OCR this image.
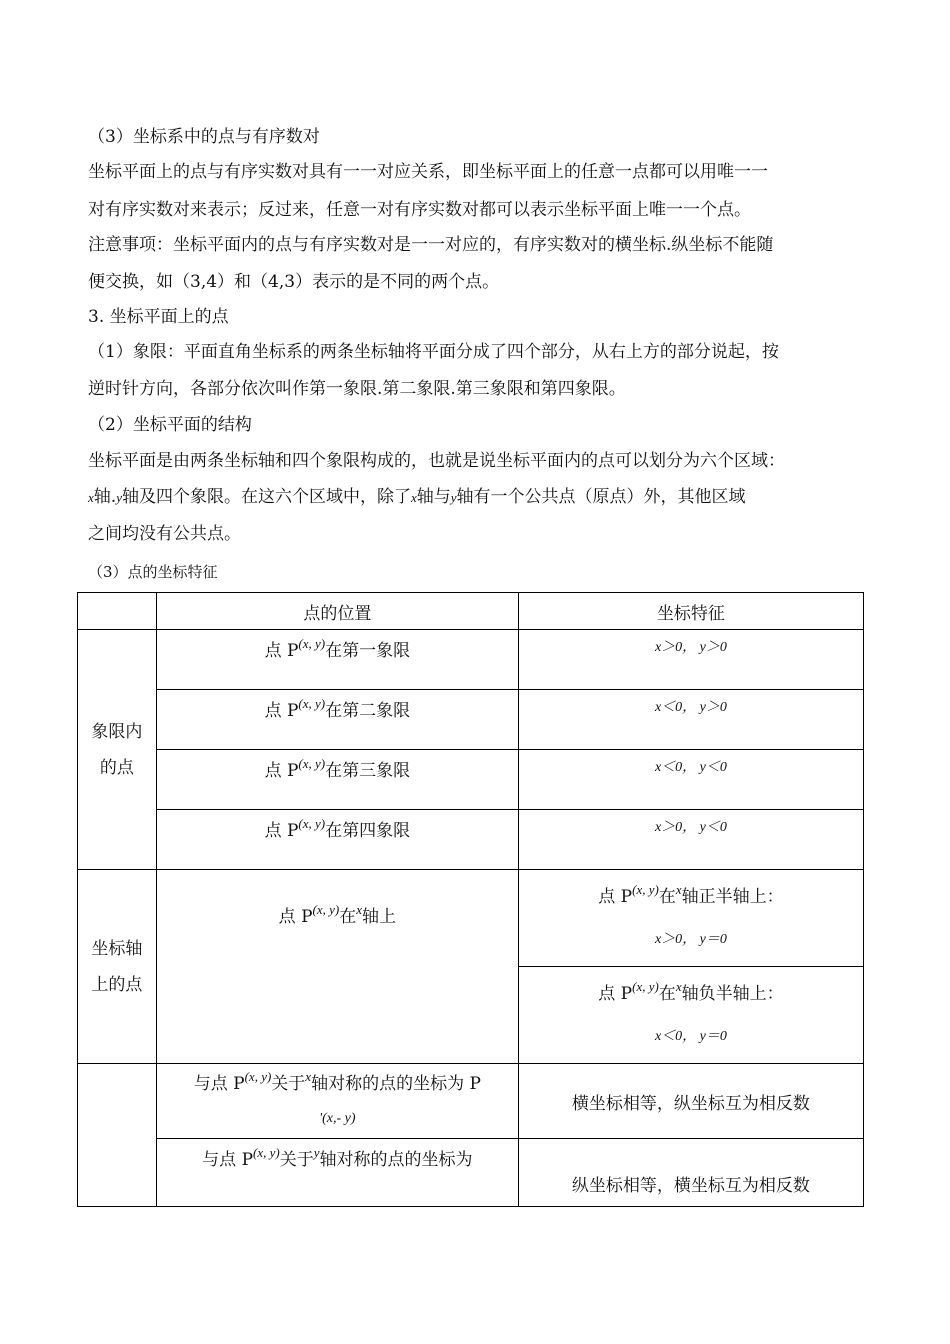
（3）坐标系中的点与有序数对
坐标平面上的点与有序实数对具有一一对应关系，即坐标平面上的任意一点都可以用唯一一
对有序实数对来表示；反过来，任意一对有序实数对都可以表示坐标平面上唯一一个点。
注意事项：坐标平面内的点与有序实数对是一一对应的，有序实数对的横坐标.纵坐标不能随
便交换，如（3,4）和（4,3）表示的是不同的两个点。
3. 坐标平面上的点
（1）象限：平面直角坐标系的两条坐标轴将平面分成了四个部分，从右上方的部分说起，按
逆时针方向，各部分依次叫作第一象限.第二象限.第三象限和第四象限。
（2）坐标平面的结构
坐标平面是由两条坐标轴和四个象限构成的，也就是说坐标平面内的点可以划分为六个区域：
x轴.y轴及四个象限。在这六个区域中，除了x轴与y轴有一个公共点（原点）外，其他区域
之间均没有公共点。
（3）点的坐标特征
	点的位置	坐标特征

象限内
的点	点 P$^{(x, y)}$在第一象限	x＞0， y＞0
	点 P$^{(x, y)}$在第二象限	x＜0， y＞0
	点 P$^{(x, y)}$在第三象限	x＜0， y＜0
	点 P$^{(x, y)}$在第四象限	x＞0， y＜0

坐标轴
上的点	点 P$^{(x, y)}$在$^x$轴上	点 P$^{(x, y)}$在$^x$轴正半轴上：
x＞0， y＝0

		点 P$^{(x, y)}$在$^x$轴负半轴上：
x＜0， y＝0

	与点 P$^{(x, y)}$关于$^x$轴对称的点的坐标为 P
'(x,- y)	横坐标相等，纵坐标互为相反数
	与点 P$^{(x, y)}$关于$^y$轴对称的点的坐标为	纵坐标相等，横坐标互为相反数
